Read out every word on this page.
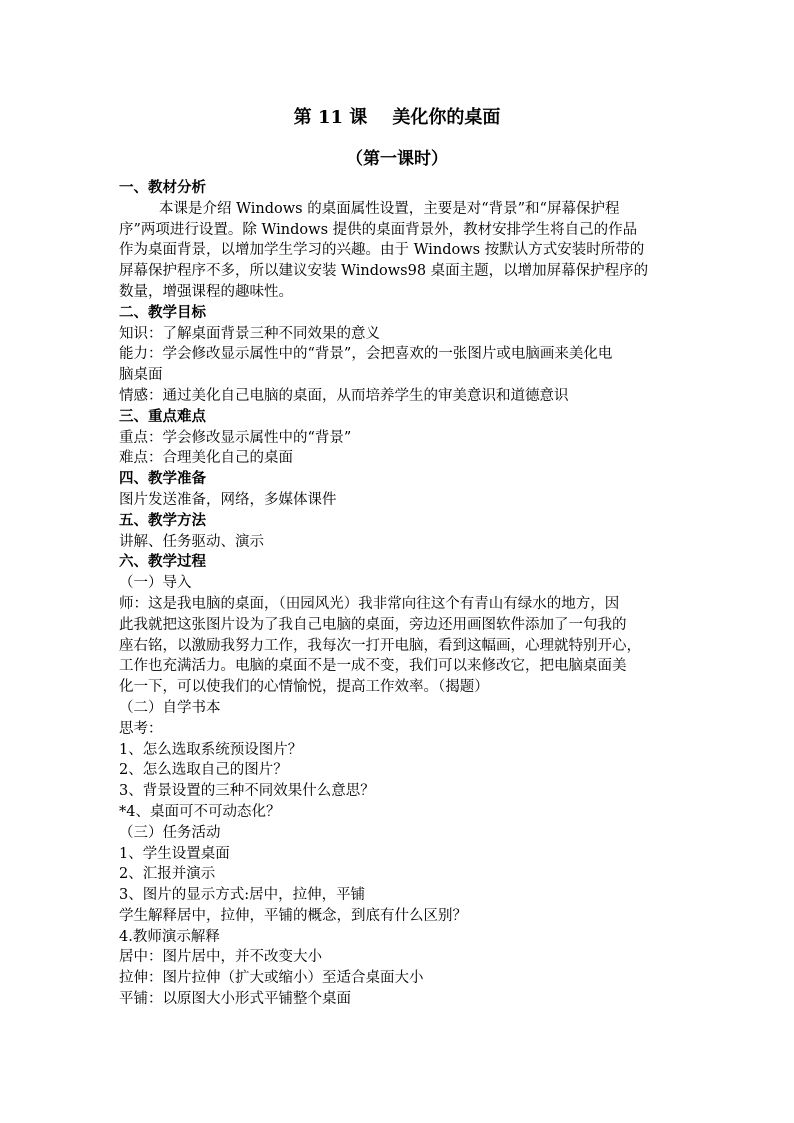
第 11 课    美化你的桌面
（第一课时）
一、教材分析
本课是介绍 Windows 的桌面属性设置，主要是对“背景”和“屏幕保护程
序”两项进行设置。除 Windows 提供的桌面背景外，教材安排学生将自己的作品
作为桌面背景，以增加学生学习的兴趣。由于 Windows 按默认方式安装时所带的
屏幕保护程序不多，所以建议安装 Windows98 桌面主题，以增加屏幕保护程序的
数量，增强课程的趣味性。
二、教学目标
知识：了解桌面背景三种不同效果的意义
能力：学会修改显示属性中的“背景”，会把喜欢的一张图片或电脑画来美化电
脑桌面
情感：通过美化自己电脑的桌面，从而培养学生的审美意识和道德意识
三、重点难点
重点：学会修改显示属性中的“背景”
难点：合理美化自己的桌面
四、教学准备
图片发送准备，网络，多媒体课件
五、教学方法
讲解、任务驱动、演示
六、教学过程
（一）导入
师：这是我电脑的桌面，（田园风光）我非常向往这个有青山有绿水的地方，因
此我就把这张图片设为了我自己电脑的桌面，旁边还用画图软件添加了一句我的
座右铭，以激励我努力工作，我每次一打开电脑，看到这幅画，心理就特别开心，
工作也充满活力。电脑的桌面不是一成不变，我们可以来修改它，把电脑桌面美
化一下，可以使我们的心情愉悦，提高工作效率。（揭题）
（二）自学书本
思考：
1、怎么选取系统预设图片？
2、怎么选取自己的图片？
3、背景设置的三种不同效果什么意思？
*4、桌面可不可动态化？
（三）任务活动
1、学生设置桌面
2、汇报并演示
3、图片的显示方式:居中，拉伸，平铺
学生解释居中，拉伸，平铺的概念，到底有什么区别？
4.教师演示解释
居中：图片居中，并不改变大小
拉伸：图片拉伸（扩大或缩小）至适合桌面大小
平铺：以原图大小形式平铺整个桌面
